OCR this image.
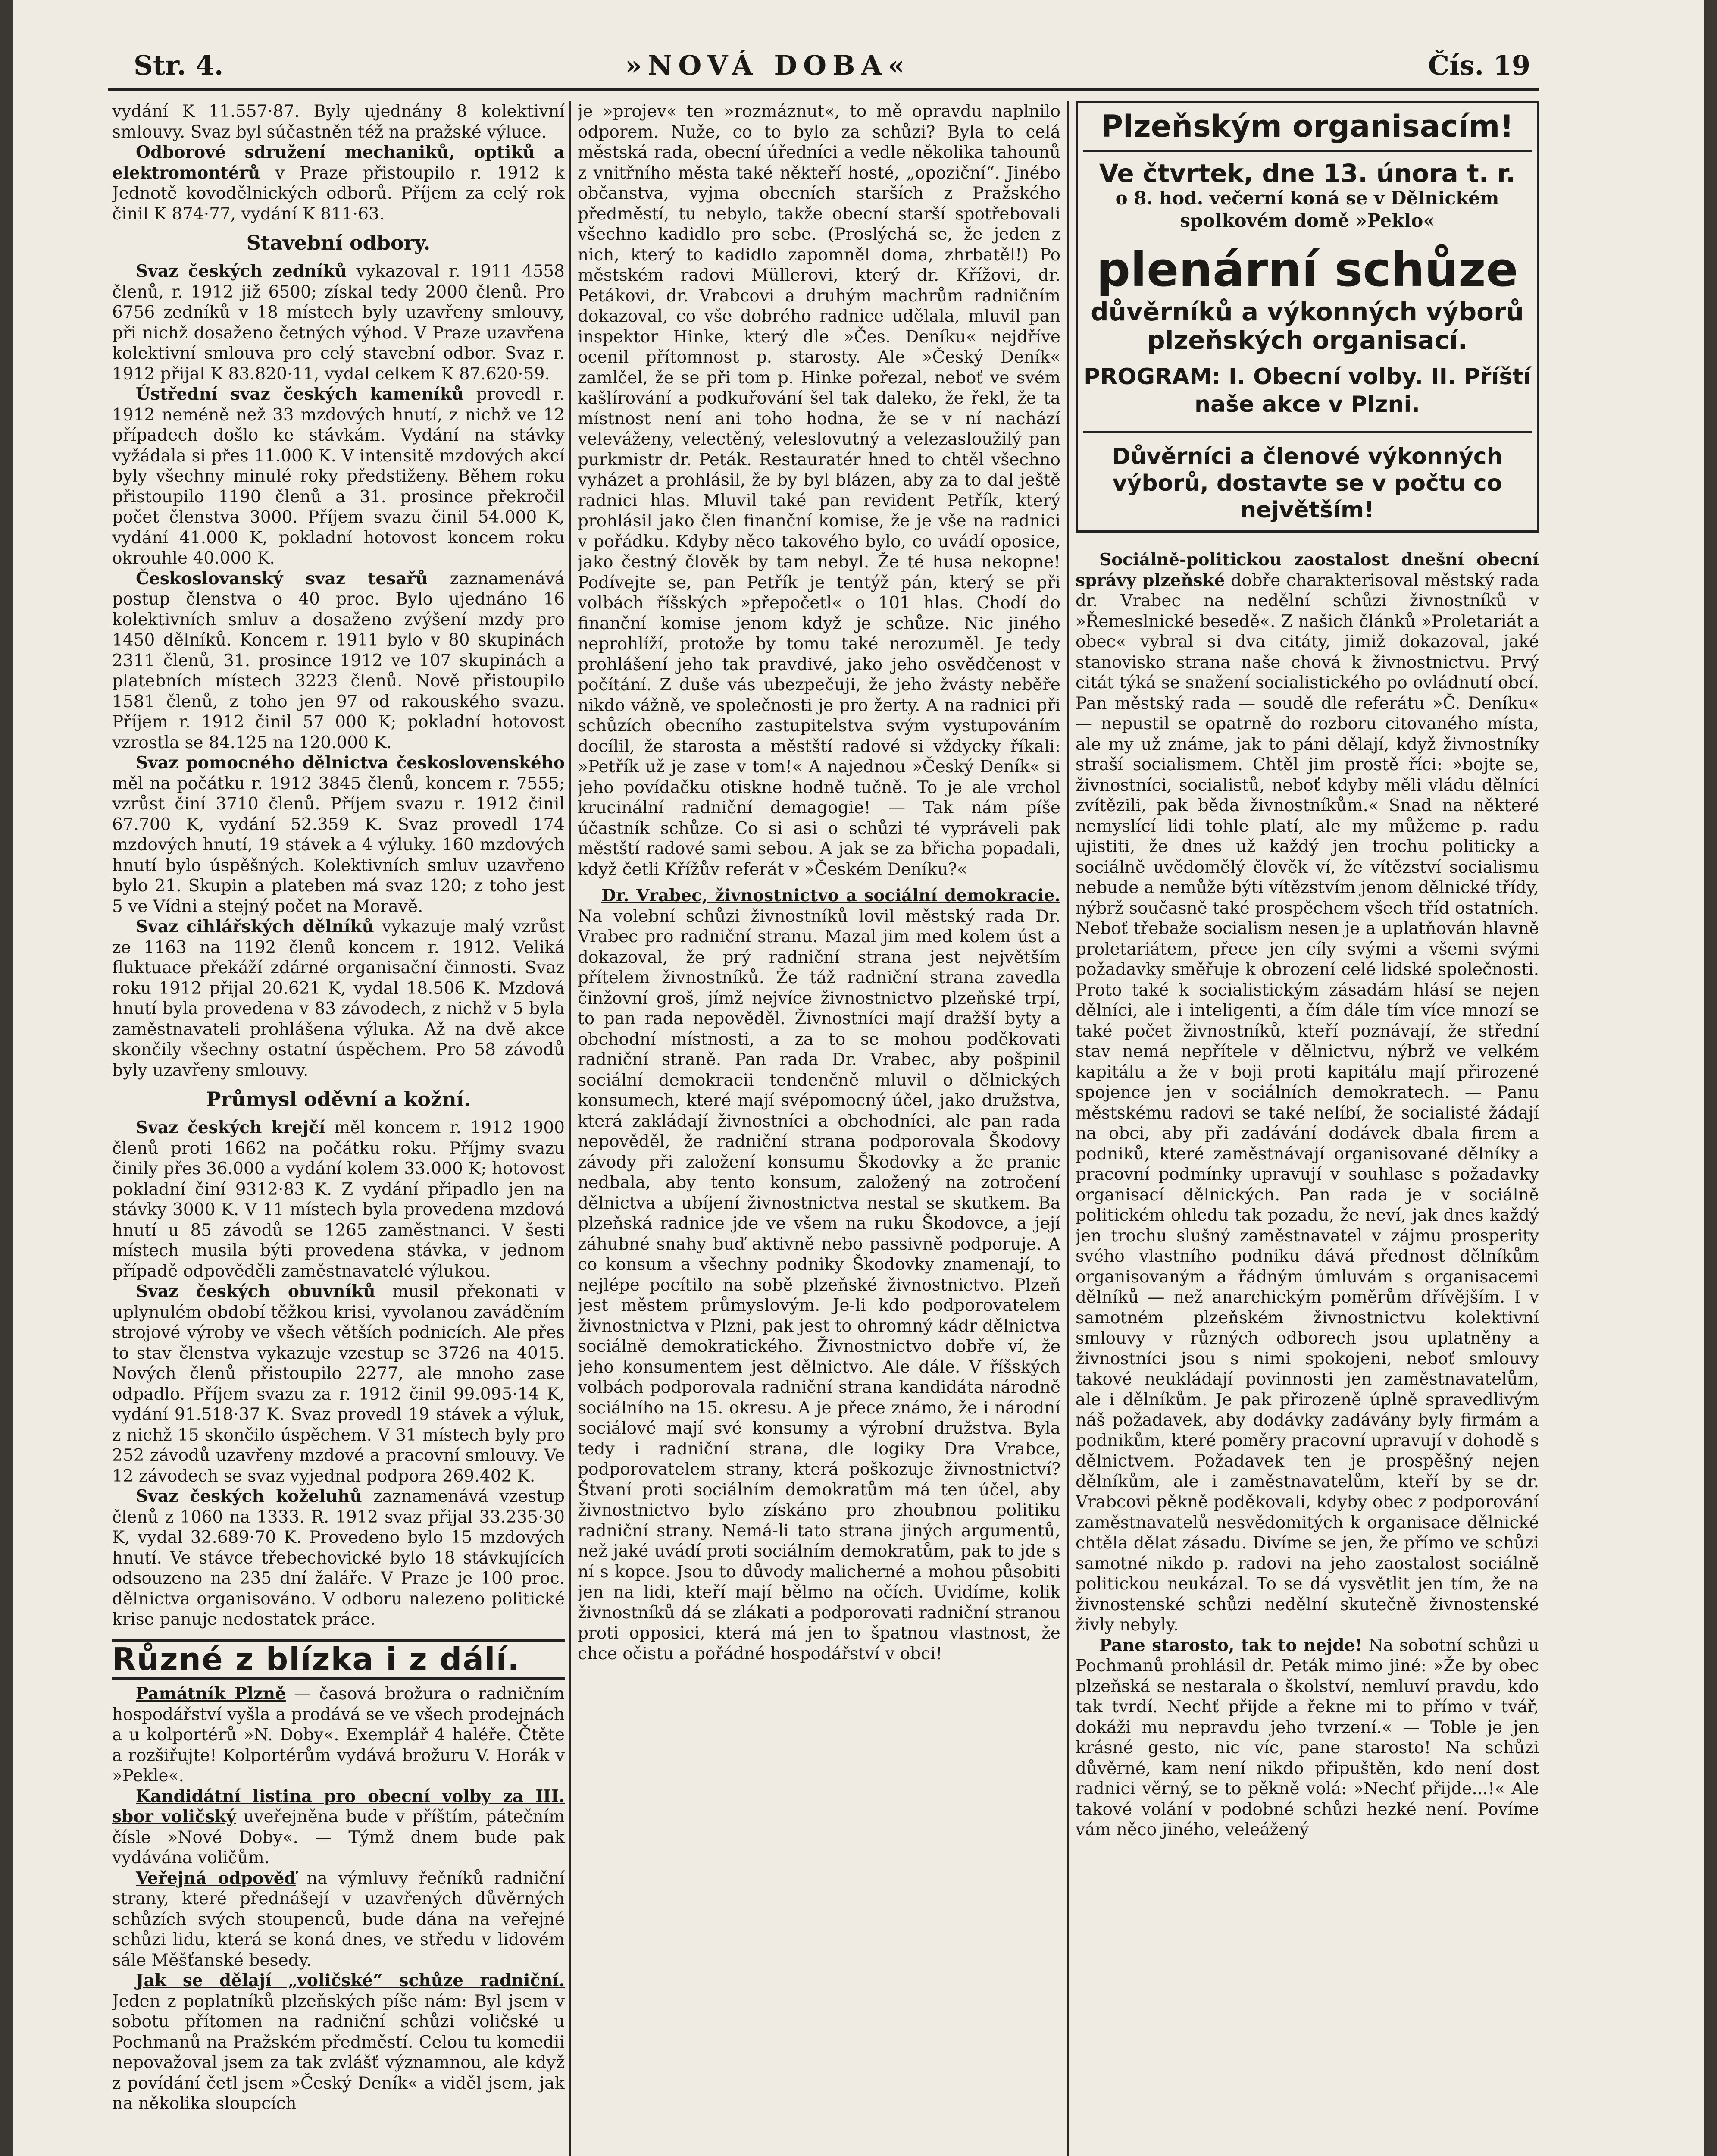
Str. 4.	»NOVÁ DOBA«	Čís. 19

vydání K 11.557·87. Byly ujednány 8 kolektivní smlouvy. Svaz byl súčastněn též na pražské výluce.

Odborové sdružení mechaniků, optiků a elektromontérů v Praze přistoupilo r. 1912 k Jednotě kovodělnických odborů. Příjem za celý rok činil K 874·77, vydání K 811·63.

Stavební odbory.

Svaz českých zedníků vykazoval r. 1911 4558 členů, r. 1912 již 6500; získal tedy 2000 členů. Pro 6756 zedníků v 18 místech byly uzavřeny smlouvy, při nichž dosaženo četných výhod. V Praze uzavřena kolektivní smlouva pro celý stavební odbor. Svaz r. 1912 přijal K 83.820·11, vydal celkem K 87.620·59.

Ústřední svaz českých kameníků provedl r. 1912 neméně než 33 mzdových hnutí, z nichž ve 12 případech došlo ke stávkám. Vydání na stávky vyžádala si přes 11.000 K. V intensitě mzdových akcí byly všechny minulé roky předstiženy. Během roku přistoupilo 1190 členů a 31. prosince překročil počet členstva 3000. Příjem svazu činil 54.000 K, vydání 41.000 K, pokladní hotovost koncem roku okrouhle 40.000 K.

Českoslovanský svaz tesařů zaznamenává postup členstva o 40 proc. Bylo ujednáno 16 kolektivních smluv a dosaženo zvýšení mzdy pro 1450 dělníků. Koncem r. 1911 bylo v 80 skupinách 2311 členů, 31. prosince 1912 ve 107 skupinách a platebních místech 3223 členů. Nově přistoupilo 1581 členů, z toho jen 97 od rakouského svazu. Příjem r. 1912 činil 57 000 K; pokladní hotovost vzrostla se 84.125 na 120.000 K.

Svaz pomocného dělnictva československého měl na počátku r. 1912 3845 členů, koncem r. 7555; vzrůst činí 3710 členů. Příjem svazu r. 1912 činil 67.700 K, vydání 52.359 K. Svaz provedl 174 mzdových hnutí, 19 stávek a 4 výluky. 160 mzdových hnutí bylo úspěšných. Kolektivních smluv uzavřeno bylo 21. Skupin a plateben má svaz 120; z toho jest 5 ve Vídni a stejný počet na Moravě.

Svaz cihlářských dělníků vykazuje malý vzrůst ze 1163 na 1192 členů koncem r. 1912. Veliká fluktuace překáží zdárné organisační činnosti. Svaz roku 1912 přijal 20.621 K, vydal 18.506 K. Mzdová hnutí byla provedena v 83 závodech, z nichž v 5 byla zaměstnavateli prohlášena výluka. Až na dvě akce skončily všechny ostatní úspěchem. Pro 58 závodů byly uzavřeny smlouvy.

Průmysl oděvní a kožní.

Svaz českých krejčí měl koncem r. 1912 1900 členů proti 1662 na počátku roku. Příjmy svazu činily přes 36.000 a vydání kolem 33.000 K; hotovost pokladní činí 9312·83 K. Z vydání připadlo jen na stávky 3000 K. V 11 místech byla provedena mzdová hnutí u 85 závodů se 1265 zaměstnanci. V šesti místech musila býti provedena stávka, v jednom případě odpověděli zaměstnavatelé výlukou.

Svaz českých obuvníků musil překonati v uplynulém období těžkou krisi, vyvolanou zaváděním strojové výroby ve všech větších podnicích. Ale přes to stav členstva vykazuje vzestup se 3726 na 4015. Nových členů přistoupilo 2277, ale mnoho zase odpadlo. Příjem svazu za r. 1912 činil 99.095·14 K, vydání 91.518·37 K. Svaz provedl 19 stávek a výluk, z nichž 15 skončilo úspěchem. V 31 místech byly pro 252 závodů uzavřeny mzdové a pracovní smlouvy. Ve 12 závodech se svaz vyjednal podpora 269.402 K.

Svaz českých koželuhů zaznamenává vzestup členů z 1060 na 1333. R. 1912 svaz přijal 33.235·30 K, vydal 32.689·70 K. Provedeno bylo 15 mzdových hnutí. Ve stávce třebechovické bylo 18 stávkujících odsouzeno na 235 dní žaláře. V Praze je 100 proc. dělnictva organisováno. V odboru nalezeno politické krise panuje nedostatek práce.

Různé z blízka i z dálí.

Památník Plzně — časová brožura o radničním hospodářství vyšla a prodává se ve všech prodejnách a u kolportérů »N. Doby«. Exemplář 4 haléře. Čtěte a rozšiřujte! Kolportérům vydává brožuru V. Horák v »Pekle«.

Kandidátní listina pro obecní volby za III. sbor voličský uveřejněna bude v příštím, pátečním čísle »Nové Doby«. — Týmž dnem bude pak vydávána voličům.

Veřejná odpověď na výmluvy řečníků radniční strany, které přednášejí v uzavřených důvěrných schůzích svých stoupenců, bude dána na veřejné schůzi lidu, která se koná dnes, ve středu v lidovém sále Měšťanské besedy.

Jak se dělají „voličské“ schůze radniční. Jeden z poplatníků plzeňských píše nám: Byl jsem v sobotu přítomen na radniční schůzi voličské u Pochmanů na Pražském předměstí. Celou tu komedii nepovažoval jsem za tak zvlášť významnou, ale když z povídání četl jsem »Český Deník« a viděl jsem, jak na několika sloupcích

je »projev« ten »rozmáznut«, to mě opravdu naplnilo odporem. Nuže, co to bylo za schůzi? Byla to celá městská rada, obecní úředníci a vedle několika tahounů z vnitřního města také někteří hosté, „opoziční“. Jinébo občanstva, vyjma obecních starších z Pražského předměstí, tu nebylo, takže obecní starší spotřebovali všechno kadidlo pro sebe. (Proslýchá se, že jeden z nich, který to kadidlo zapomněl doma, zhrbatěl!) Po městském radovi Müllerovi, který dr. Křížovi, dr. Petákovi, dr. Vrabcovi a druhým machrům radničním dokazoval, co vše dobrého radnice udělala, mluvil pan inspektor Hinke, který dle »Čes. Deníku« nejdříve ocenil přítomnost p. starosty. Ale »Český Deník« zamlčel, že se při tom p. Hinke pořezal, neboť ve svém kašlírování a podkuřování šel tak daleko, že řekl, že ta místnost není ani toho hodna, že se v ní nachází veleváženy, velectěný, veleslovutný a velezasloužilý pan purkmistr dr. Peták. Restauratér hned to chtěl všechno vyházet a prohlásil, že by byl blázen, aby za to dal ještě radnici hlas. Mluvil také pan revident Petřík, který prohlásil jako člen finanční komise, že je vše na radnici v pořádku. Kdyby něco takového bylo, co uvádí oposice, jako čestný člověk by tam nebyl. Že té husa nekopne! Podívejte se, pan Petřík je tentýž pán, který se při volbách říšských »přepočetl« o 101 hlas. Chodí do finanční komise jenom když je schůze. Nic jiného neprohlíží, protože by tomu také nerozuměl. Je tedy prohlášení jeho tak pravdivé, jako jeho osvědčenost v počítání. Z duše vás ubezpečuji, že jeho žvásty neběře nikdo vážně, ve společnosti je pro žerty. A na radnici při schůzích obecního zastupitelstva svým vystupováním docílil, že starosta a městští radové si vždycky říkali: »Petřík už je zase v tom!« A najednou »Český Deník« si jeho povídačku otiskne hodně tučně. To je ale vrchol krucinální radniční demagogie! — Tak nám píše účastník schůze. Co si asi o schůzi té vypráveli pak městští radové sami sebou. A jak se za břicha popadali, když četli Křížův referát v »Českém Deníku?«

Dr. Vrabec, živnostnictvo a sociální demokracie. Na volební schůzi živnostníků lovil městský rada Dr. Vrabec pro radniční stranu. Mazal jim med kolem úst a dokazoval, že prý radniční strana jest největším přítelem živnostníků. Že táž radniční strana zavedla činžovní groš, jímž nejvíce živnostnictvo plzeňské trpí, to pan rada nepověděl. Živnostníci mají dražší byty a obchodní místnosti, a za to se mohou poděkovati radniční straně. Pan rada Dr. Vrabec, aby pošpinil sociální demokracii tendenčně mluvil o dělnických konsumech, které mají svépomocný účel, jako družstva, která zakládají živnostníci a obchodníci, ale pan rada nepověděl, že radniční strana podporovala Škodovy závody při založení konsumu Škodovky a že pranic nedbala, aby tento konsum, založený na zotročení dělnictva a ubíjení živnostnictva nestal se skutkem. Ba plzeňská radnice jde ve všem na ruku Škodovce, a její záhubné snahy buď aktivně nebo passivně podporuje. A co konsum a všechny podniky Škodovky znamenají, to nejlépe pocítilo na sobě plzeňské živnostnictvo. Plzeň jest městem průmyslovým. Je-li kdo podporovatelem živnostnictva v Plzni, pak jest to ohromný kádr dělnictva sociálně demokratického. Živnostnictvo dobře ví, že jeho konsumentem jest dělnictvo. Ale dále. V říšských volbách podporovala radniční strana kandidáta národně sociálního na 15. okresu. A je přece známo, že i národní sociálové mají své konsumy a výrobní družstva. Byla tedy i radniční strana, dle logiky Dra Vrabce, podporovatelem strany, která poškozuje živnostnictví? Štvaní proti sociálním demokratům má ten účel, aby živnostnictvo bylo získáno pro zhoubnou politiku radniční strany. Nemá-li tato strana jiných argumentů, než jaké uvádí proti sociálním demokratům, pak to jde s ní s kopce. Jsou to důvody malicherné a mohou působiti jen na lidi, kteří mají bělmo na očích. Uvidíme, kolik živnostníků dá se zlákati a podporovati radniční stranou proti opposici, která má jen to špatnou vlastnost, že chce očistu a pořádné hospodářství v obci!

Plzeňským organisacím!
Ve čtvrtek, dne 13. února t. r.
o 8. hod. večerní koná se v Dělnickém spolkovém domě »Peklo«
plenární schůze
důvěrníků a výkonných výborů plzeňských organisací.
PROGRAM: I. Obecní volby. II. Příští naše akce v Plzni.
Důvěrníci a členové výkonných výborů, dostavte se v počtu co největším!

Sociálně-politickou zaostalost dnešní obecní správy plzeňské dobře charakterisoval městský rada dr. Vrabec na nedělní schůzi živnostníků v »Řemeslnické besedě«. Z našich článků »Proletariát a obec« vybral si dva citáty, jimiž dokazoval, jaké stanovisko strana naše chová k živnostnictvu. Prvý citát týká se snažení socialistického po ovládnutí obcí. Pan městský rada — soudě dle referátu »Č. Deníku« — nepustil se opatrně do rozboru citovaného místa, ale my už známe, jak to páni dělají, když živnostníky straší socialismem. Chtěl jim prostě říci: »bojte se, živnostníci, socialistů, neboť kdyby měli vládu dělníci zvítězili, pak běda živnostníkům.« Snad na některé nemyslící lidi tohle platí, ale my můžeme p. radu ujistiti, že dnes už každý jen trochu politicky a sociálně uvědomělý člověk ví, že vítězství socialismu nebude a nemůže býti vítězstvím jenom dělnické třídy, nýbrž současně také prospěchem všech tříd ostatních. Neboť třebaže socialism nesen je a uplatňován hlavně proletariátem, přece jen cíly svými a všemi svými požadavky směřuje k obrození celé lidské společnosti. Proto také k socialistickým zásadám hlásí se nejen dělníci, ale i inteligenti, a čím dále tím více mnozí se také počet živnostníků, kteří poznávají, že střední stav nemá nepřítele v dělnictvu, nýbrž ve velkém kapitálu a že v boji proti kapitálu mají přirozené spojence jen v sociálních demokratech. — Panu městskému radovi se také nelíbí, že socialisté žádají na obci, aby při zadávání dodávek dbala firem a podniků, které zaměstnávají organisované dělníky a pracovní podmínky upravují v souhlase s požadavky organisací dělnických. Pan rada je v sociálně politickém ohledu tak pozadu, že neví, jak dnes každý jen trochu slušný zaměstnavatel v zájmu prosperity svého vlastního podniku dává přednost dělníkům organisovaným a řádným úmluvám s organisacemi dělníků — než anarchickým poměrům dřívějším. I v samotném plzeňském živnostnictvu kolektivní smlouvy v různých odborech jsou uplatněny a živnostníci jsou s nimi spokojeni, neboť smlouvy takové neukládají povinnosti jen zaměstnavatelům, ale i dělníkům. Je pak přirozeně úplně spravedlivým náš požadavek, aby dodávky zadávány byly firmám a podnikům, které poměry pracovní upravují v dohodě s dělnictvem. Požadavek ten je prospěšný nejen dělníkům, ale i zaměstnavatelům, kteří by se dr. Vrabcovi pěkně poděkovali, kdyby obec z podporování zaměstnavatelů nesvědomitých k organisace dělnické chtěla dělat zásadu. Divíme se jen, že přímo ve schůzi samotné nikdo p. radovi na jeho zaostalost sociálně politickou neukázal. To se dá vysvětlit jen tím, že na živnostenské schůzi nedělní skutečně živnostenské živly nebyly.

Pane starosto, tak to nejde! Na sobotní schůzi u Pochmanů prohlásil dr. Peták mimo jiné: »Že by obec plzeňská se nestarala o školství, nemluví pravdu, kdo tak tvrdí. Nechť přijde a řekne mi to přímo v tvář, dokáži mu nepravdu jeho tvrzení.« — Toble je jen krásné gesto, nic víc, pane starosto! Na schůzi důvěrné, kam není nikdo připuštěn, kdo není dost radnici věrný, se to pěkně volá: »Nechť přijde...!« Ale takové volání v podobné schůzi hezké není. Povíme vám něco jiného, veleážený
